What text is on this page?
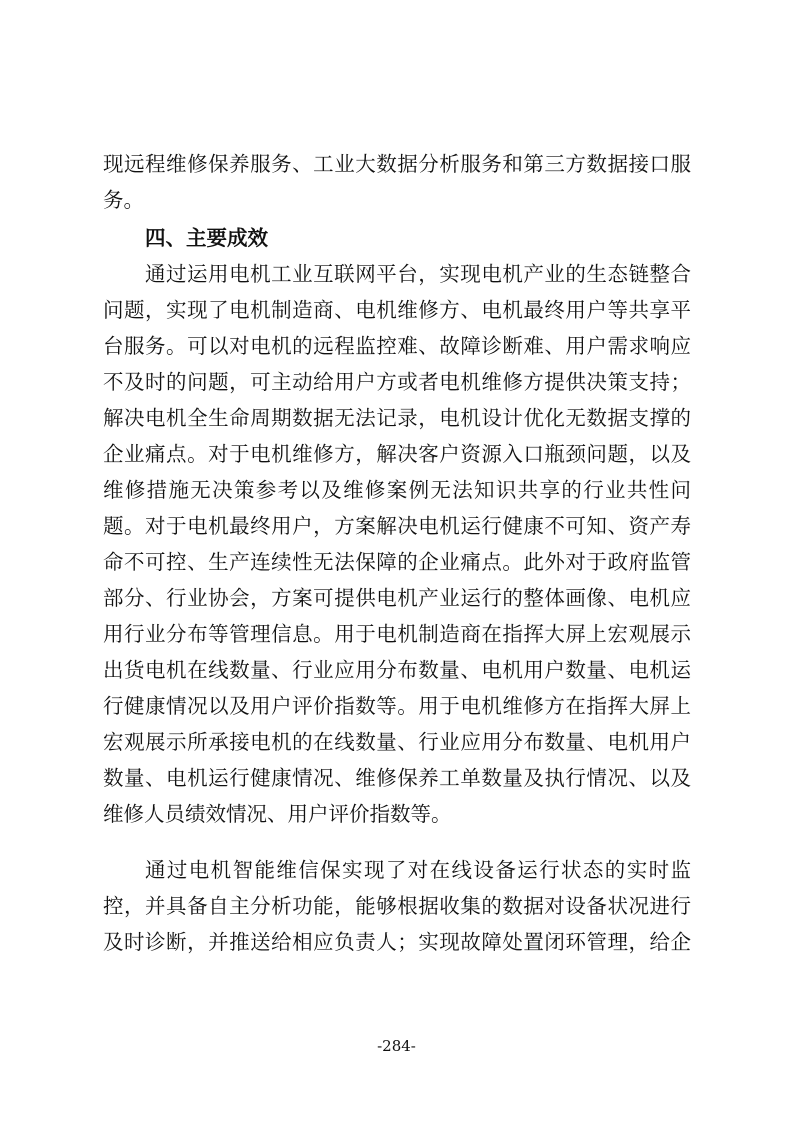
现远程维修保养服务、工业大数据分析服务和第三方数据接口服
务。
四、主要成效
通过运用电机工业互联网平台，实现电机产业的生态链整合
问题，实现了电机制造商、电机维修方、电机最终用户等共享平
台服务。可以对电机的远程监控难、故障诊断难、用户需求响应
不及时的问题，可主动给用户方或者电机维修方提供决策支持；
解决电机全生命周期数据无法记录，电机设计优化无数据支撑的
企业痛点。对于电机维修方，解决客户资源入口瓶颈问题，以及
维修措施无决策参考以及维修案例无法知识共享的行业共性问
题。对于电机最终用户，方案解决电机运行健康不可知、资产寿
命不可控、生产连续性无法保障的企业痛点。此外对于政府监管
部分、行业协会，方案可提供电机产业运行的整体画像、电机应
用行业分布等管理信息。用于电机制造商在指挥大屏上宏观展示
出货电机在线数量、行业应用分布数量、电机用户数量、电机运
行健康情况以及用户评价指数等。用于电机维修方在指挥大屏上
宏观展示所承接电机的在线数量、行业应用分布数量、电机用户
数量、电机运行健康情况、维修保养工单数量及执行情况、以及
维修人员绩效情况、用户评价指数等。
通过电机智能维信保实现了对在线设备运行状态的实时监
控，并具备自主分析功能，能够根据收集的数据对设备状况进行
及时诊断，并推送给相应负责人；实现故障处置闭环管理，给企
-284-
